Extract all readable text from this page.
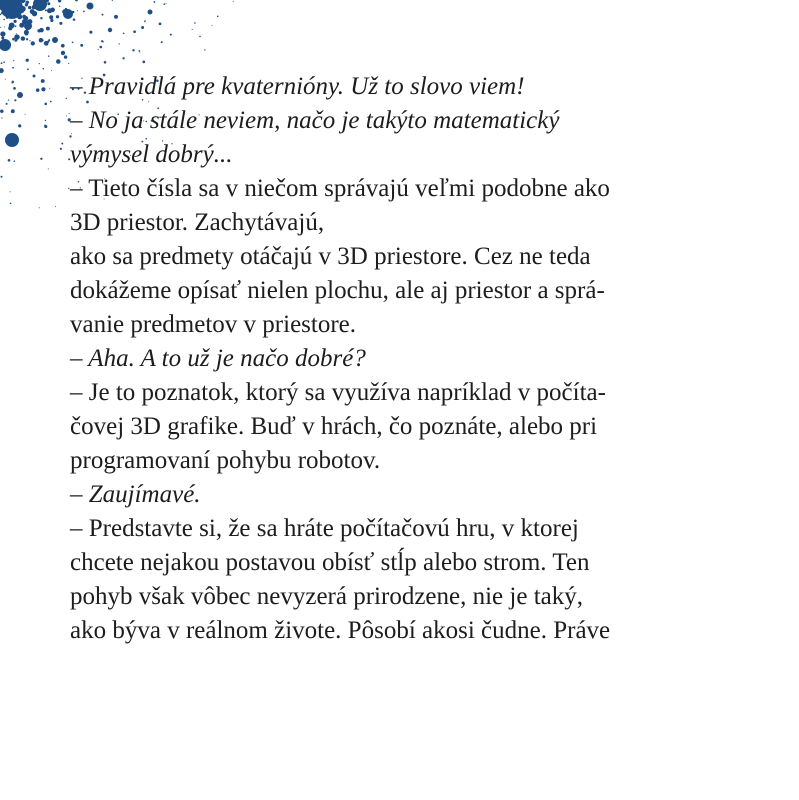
– Pravidlá pre kvaternióny. Už to slovo viem!
– No ja stále neviem, načo je takýto matematický
výmysel dobrý...
– Tieto čísla sa v niečom správajú veľmi podobne ako
3D priestor. Zachytávajú,
ako sa predmety otáčajú v 3D priestore. Cez ne teda
dokážeme opísať nielen plochu, ale aj priestor a sprá-
vanie predmetov v priestore.
– Aha. A to už je načo dobré?
– Je to poznatok, ktorý sa využíva napríklad v počíta-
čovej 3D grafike. Buď v hrách, čo poznáte, alebo pri
programovaní pohybu robotov.
– Zaujímavé.
– Predstavte si, že sa hráte počítačovú hru, v ktorej
chcete nejakou postavou obísť stĺp alebo strom. Ten
pohyb však vôbec nevyzerá prirodzene, nie je taký,
ako býva v reálnom živote. Pôsobí akosi čudne. Práve
